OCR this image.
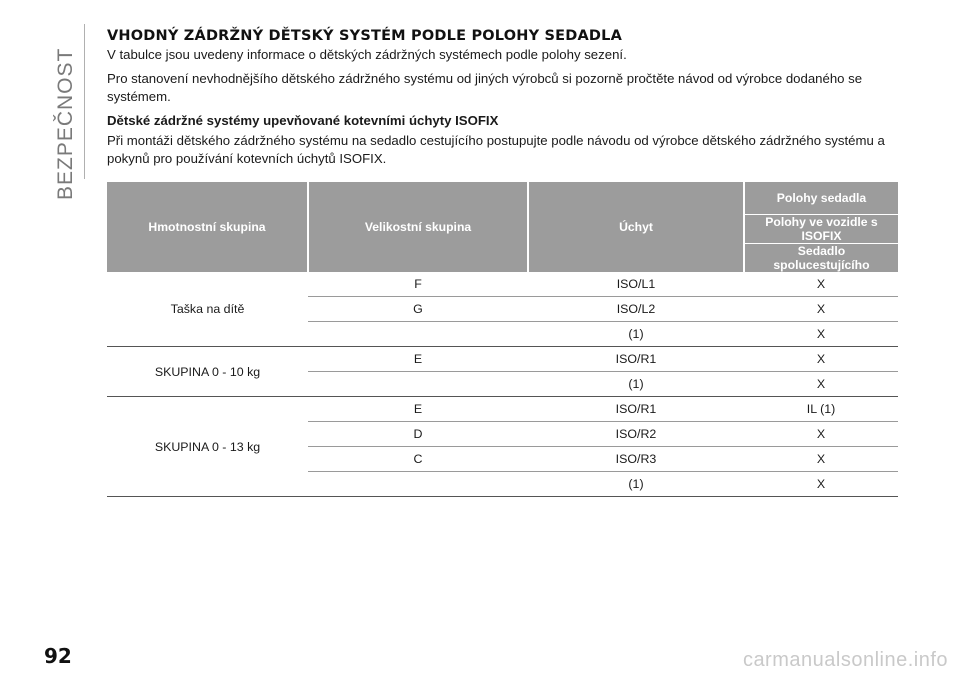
BEZPEČNOST
VHODNÝ ZÁDRŽNÝ DĚTSKÝ SYSTÉM PODLE POLOHY SEDADLA

V tabulce jsou uvedeny informace o dětských zádržných systémech podle polohy sezení.

Pro stanovení nevhodnějšího dětského zádržného systému od jiných výrobců si pozorně pročtěte návod od výrobce dodaného se systémem.

Dětské zádržné systémy upevňované kotevními úchyty ISOFIX

Při montáži dětského zádržného systému na sedadlo cestujícího postupujte podle návodu od výrobce dětského zádržného systému a pokynů pro používání kotevních úchytů ISOFIX.

Hmotnostní skupina	Velikostní skupina	Úchyt	Polohy sedadla
			Polohy ve vozidle s ISOFIX
			Sedadlo spolucestujícího
Taška na dítě	F	ISO/L1	X
	G	ISO/L2	X
		(1)	X
SKUPINA 0 - 10 kg	E	ISO/R1	X
		(1)	X
SKUPINA 0 - 13 kg	E	ISO/R1	IL (1)
	D	ISO/R2	X
	C	ISO/R3	X
		(1)	X
92	carmanualsonline.info
